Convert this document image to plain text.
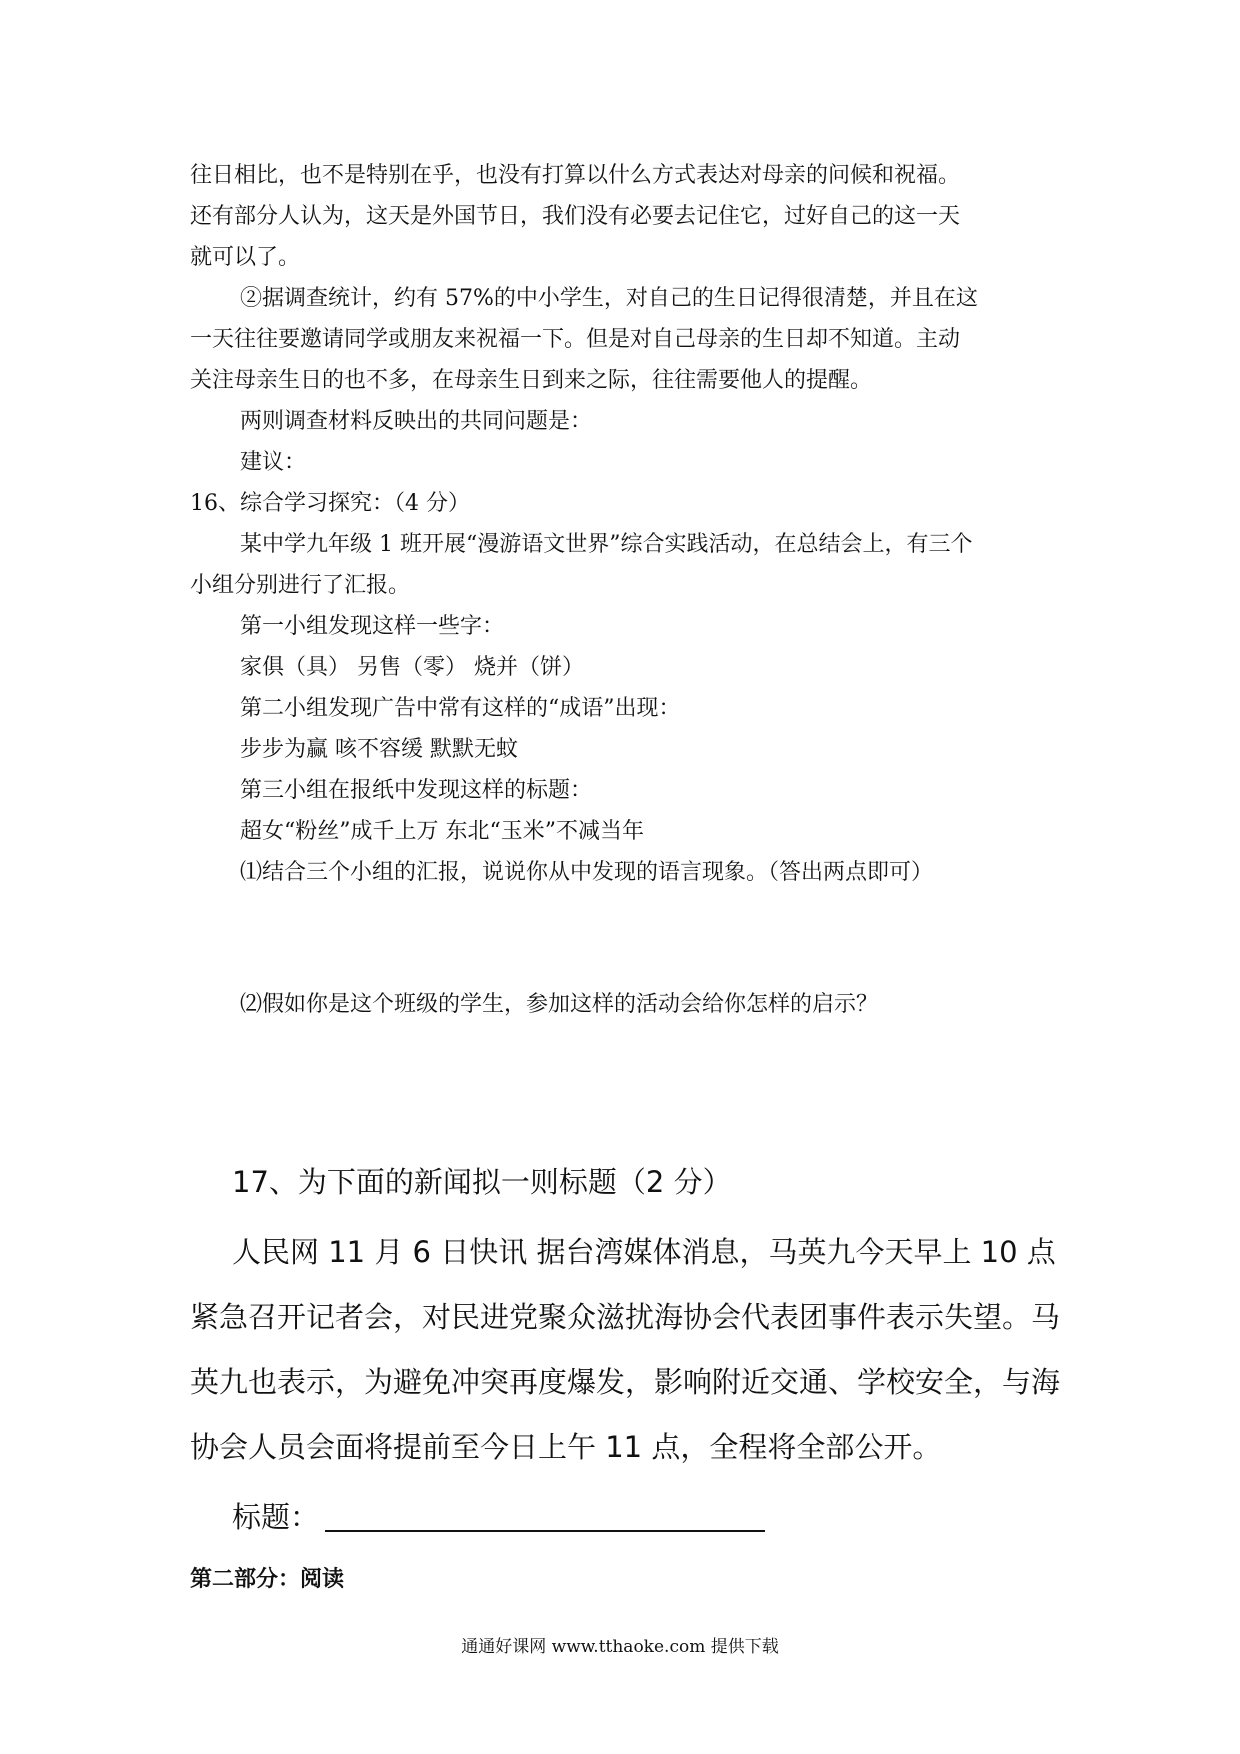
往日相比，也不是特别在乎，也没有打算以什么方式表达对母亲的问候和祝福。
还有部分人认为，这天是外国节日，我们没有必要去记住它，过好自己的这一天
就可以了。
②据调查统计，约有 57%的中小学生，对自己的生日记得很清楚，并且在这
一天往往要邀请同学或朋友来祝福一下。但是对自己母亲的生日却不知道。主动
关注母亲生日的也不多，在母亲生日到来之际，往往需要他人的提醒。
两则调查材料反映出的共同问题是：
建议：
16、综合学习探究：（4 分）
某中学九年级 1 班开展“漫游语文世界”综合实践活动，在总结会上，有三个
小组分别进行了汇报。
第一小组发现这样一些字：
家俱（具） 另售（零） 烧并（饼）
第二小组发现广告中常有这样的“成语”出现：
步步为赢 咳不容缓 默默无蚊
第三小组在报纸中发现这样的标题：
超女“粉丝”成千上万 东北“玉米”不减当年
⑴结合三个小组的汇报，说说你从中发现的语言现象。（答出两点即可）
⑵假如你是这个班级的学生，参加这样的活动会给你怎样的启示？
17、为下面的新闻拟一则标题（2 分）
人民网 11 月 6 日快讯 据台湾媒体消息，马英九今天早上 10 点
紧急召开记者会，对民进党聚众滋扰海协会代表团事件表示失望。马
英九也表示，为避免冲突再度爆发，影响附近交通、学校安全，与海
协会人员会面将提前至今日上午 11 点，全程将全部公开。
标题：
第二部分：阅读
通通好课网 www.tthaoke.com 提供下载
